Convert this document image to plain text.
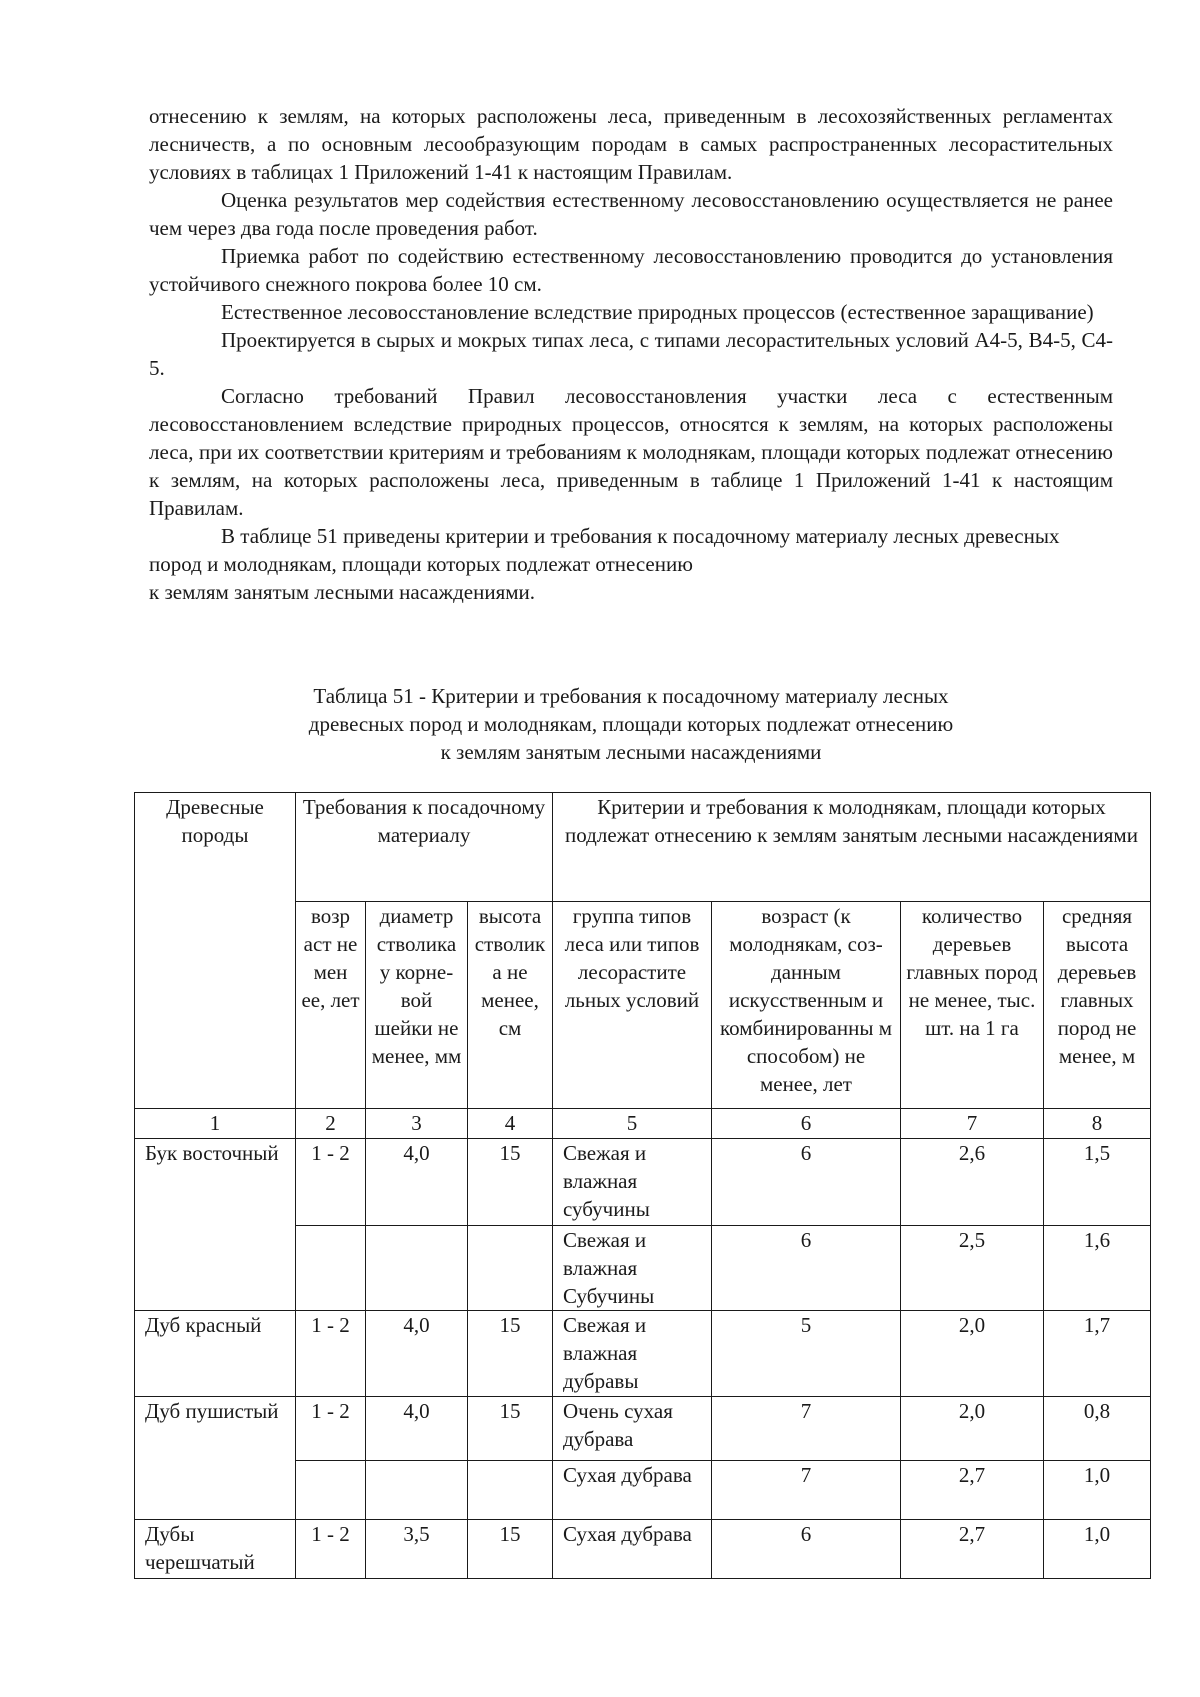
отнесению к землям, на которых расположены леса, приведенным в лесохозяйственных регламентах лесничеств, а по основным лесообразующим породам в самых распространенных лесорастительных условиях в таблицах 1 Приложений 1-41 к настоящим Правилам.

Оценка результатов мер содействия естественному лесовосстановлению осуществляется не ранее чем через два года после проведения работ.

Приемка работ по содействию естественному лесовосстановлению проводится до установления устойчивого снежного покрова более 10 см.

Естественное лесовосстановление вследствие природных процессов (естественное заращивание)

Проектируется в сырых и мокрых типах леса, с типами лесорастительных условий А4-5, В4-5, С4-5.

Согласно требований Правил лесовосстановления участки леса с естественным лесовосстановлением вследствие природных процессов, относятся к землям, на которых расположены леса, при их соответствии критериям и требованиям к молоднякам, площади которых подлежат отнесению к землям, на которых расположены леса, приведенным в таблице 1 Приложений 1-41 к настоящим Правилам.

В таблице 51 приведены критерии и требования к посадочному материалу лесных древесных пород и молоднякам, площади которых подлежат отнесению

к землям занятым лесными насаждениями.

Таблица 51 - Критерии и требования к посадочному материалу лесных
древесных пород и молоднякам, площади которых подлежат отнесению
к землям занятым лесными насаждениями
Древесные породы	Требования к посадочному материалу			Критерии и требования к молоднякам, площади которых подлежат отнесению к землям занятым лесными насаждениями			
	возр аст не мен ее, лет	диаметр стволика у корне-вой шейки не менее, мм	высота стволик а не менее, см	группа типов леса или типов лесорастите льных условий	возраст (к молоднякам, соз-данным искусственным и комбинированны м способом) не менее, лет	количество деревьев главных пород не менее, тыс. шт. на 1 га	средняя высота деревьев главных пород не менее, м
1	2	3	4	5	6	7	8
Бук восточный	1 - 2	4,0	15	Свежая и влажная субучины	6	2,6	1,5
				Свежая и влажная Субучины	6	2,5	1,6
Дуб красный	1 - 2	4,0	15	Свежая и влажная дубравы	5	2,0	1,7
Дуб пушистый	1 - 2	4,0	15	Очень сухая дубрава	7	2,0	0,8
				Сухая дубрава	7	2,7	1,0
Дубы черешчатый	1 - 2	3,5	15	Сухая дубрава	6	2,7	1,0
